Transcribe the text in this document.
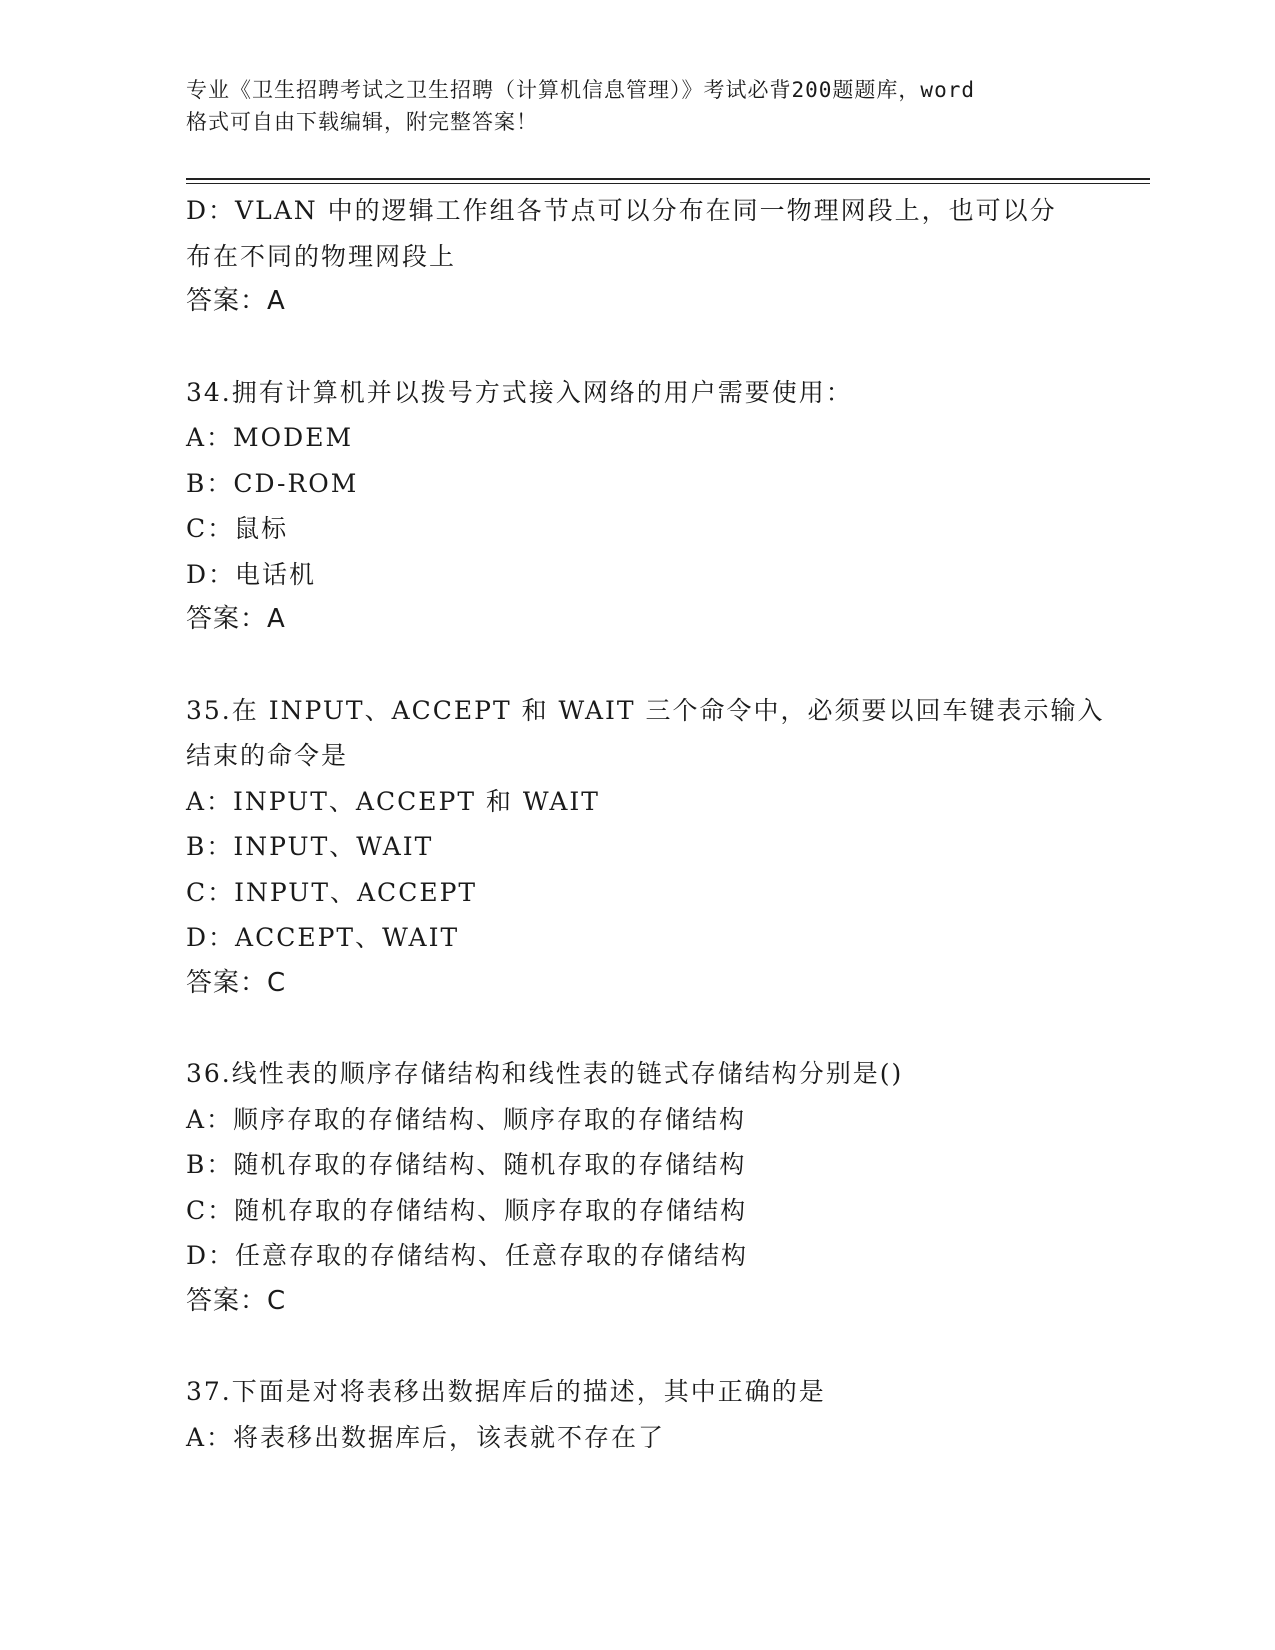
专业《卫生招聘考试之卫生招聘（计算机信息管理）》考试必背200题题库，word
格式可自由下载编辑，附完整答案！
D：VLAN 中的逻辑工作组各节点可以分布在同一物理网段上，也可以分
布在不同的物理网段上
答案：A
34.拥有计算机并以拨号方式接入网络的用户需要使用：
A：MODEM
B：CD-ROM
C：鼠标
D：电话机
答案：A
35.在 INPUT、ACCEPT 和 WAIT 三个命令中，必须要以回车键表示输入
结束的命令是
A：INPUT、ACCEPT 和 WAIT
B：INPUT、WAIT
C：INPUT、ACCEPT
D：ACCEPT、WAIT
答案：C
36.线性表的顺序存储结构和线性表的链式存储结构分别是()
A：顺序存取的存储结构、顺序存取的存储结构
B：随机存取的存储结构、随机存取的存储结构
C：随机存取的存储结构、顺序存取的存储结构
D：任意存取的存储结构、任意存取的存储结构
答案：C
37.下面是对将表移出数据库后的描述，其中正确的是
A：将表移出数据库后，该表就不存在了
